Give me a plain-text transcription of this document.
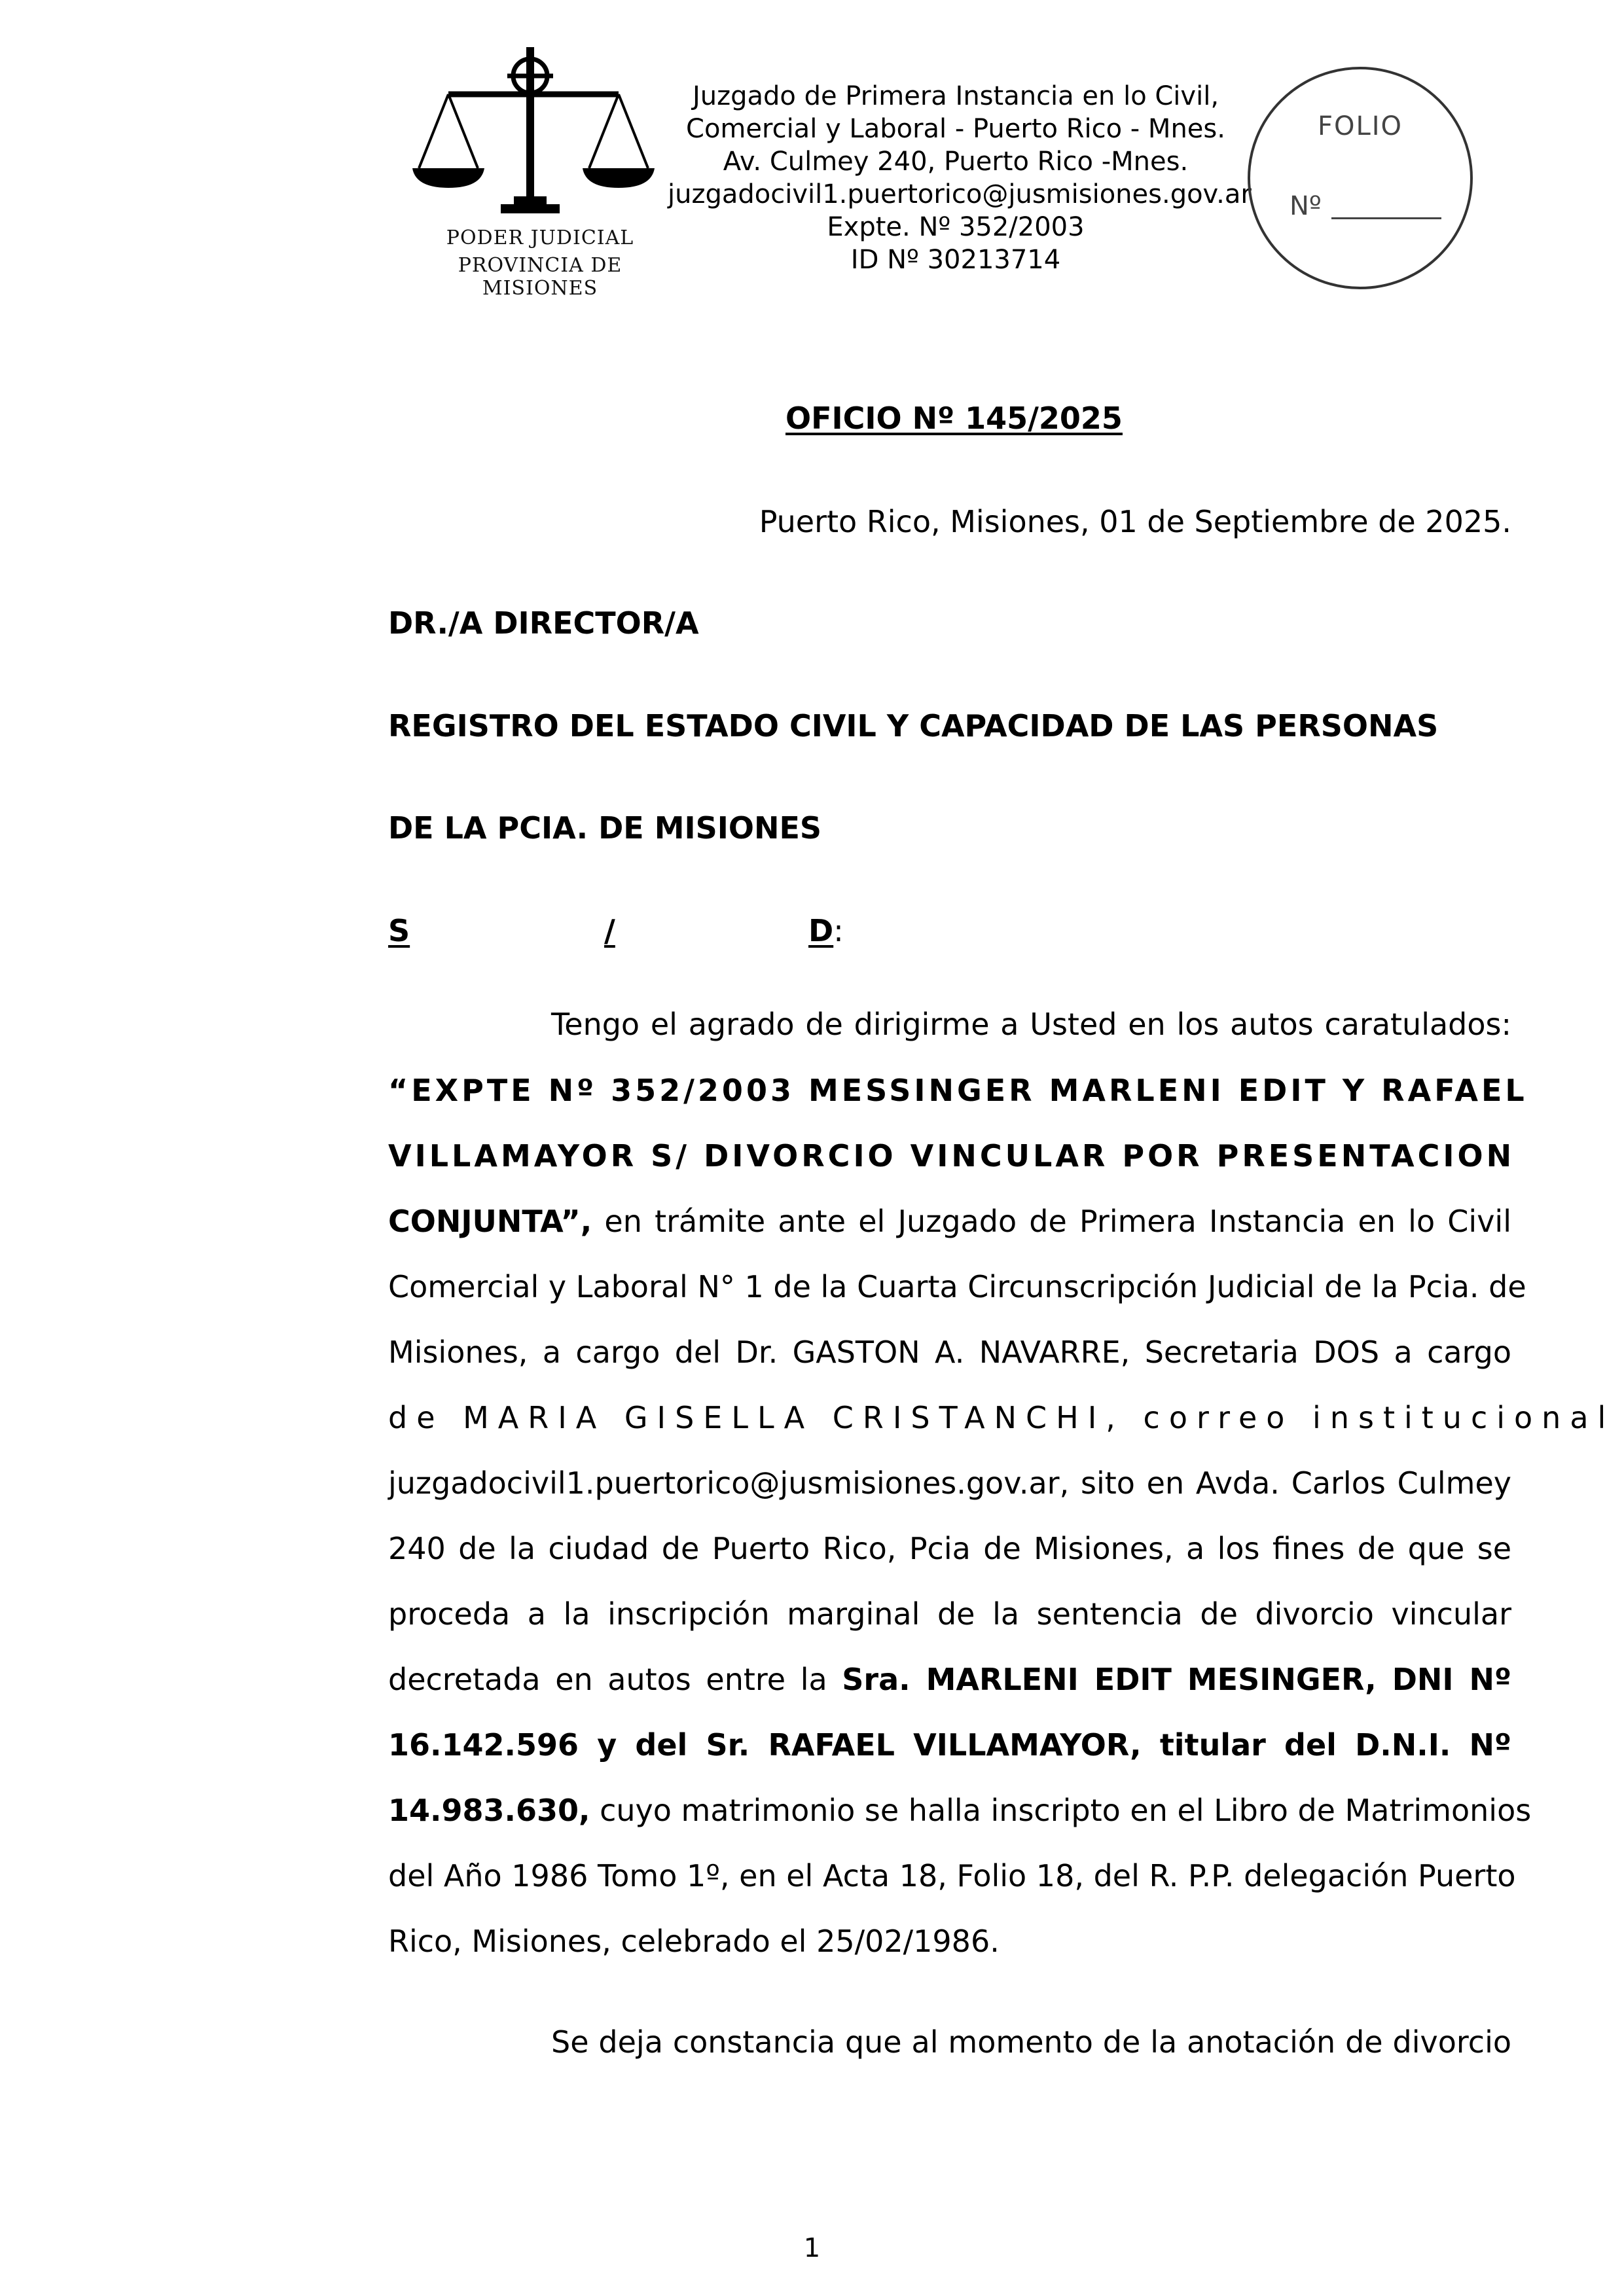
PODER JUDICIAL
PROVINCIA DE MISIONES
Juzgado de Primera Instancia en lo Civil,
Comercial y Laboral - Puerto Rico - Mnes.
Av. Culmey 240, Puerto Rico -Mnes.
juzgadocivil1.puertorico@jusmisiones.gov.ar
Expte. Nº 352/2003
ID Nº 30213714
FOLIO
Nº
OFICIO Nº 145/2025
Puerto Rico, Misiones, 01 de Septiembre de 2025.
DR./A DIRECTOR/A
REGISTRO DEL ESTADO CIVIL Y CAPACIDAD DE LAS PERSONAS
DE LA PCIA. DE MISIONES
S	/	D:
Tengo el agrado de dirigirme a Usted en los autos caratulados:
“EXPTE Nº 352/2003 MESSINGER MARLENI EDIT Y RAFAEL
VILLAMAYOR S/ DIVORCIO VINCULAR POR PRESENTACION
CONJUNTA”, en trámite ante el Juzgado de Primera Instancia en lo Civil
Comercial y Laboral N° 1 de la Cuarta Circunscripción Judicial de la Pcia. de
Misiones, a cargo del Dr. GASTON A. NAVARRE, Secretaria DOS a cargo
de MARIA GISELLA CRISTANCHI, correo institucional
juzgadocivil1.puertorico@jusmisiones.gov.ar, sito en Avda. Carlos Culmey
240 de la ciudad de Puerto Rico, Pcia de Misiones, a los fines de que se
proceda a la inscripción marginal de la sentencia de divorcio vincular
decretada en autos entre la Sra. MARLENI EDIT MESINGER, DNI Nº
16.142.596 y del Sr. RAFAEL VILLAMAYOR, titular del D.N.I. Nº
14.983.630, cuyo matrimonio se halla inscripto en el Libro de Matrimonios
del Año 1986 Tomo 1º, en el Acta 18, Folio 18, del R. P.P. delegación Puerto
Rico, Misiones, celebrado el 25/02/1986.
Se deja constancia que al momento de la anotación de divorcio
1
